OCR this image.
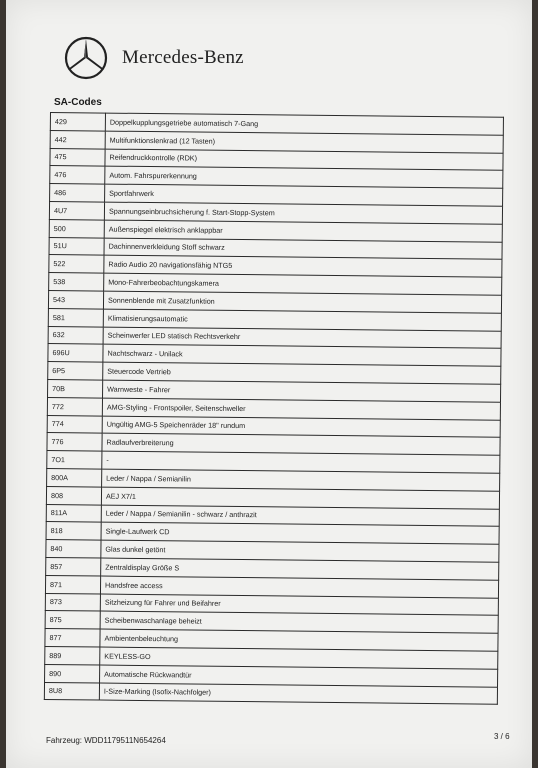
Mercedes-Benz
SA-Codes
429	Doppelkupplungsgetriebe automatisch 7-Gang
442	Multifunktionslenkrad (12 Tasten)
475	Reifendruckkontrolle (RDK)
476	Autom. Fahrspurerkennung
486	Sportfahrwerk
4U7	Spannungseinbruchsicherung f. Start-Stopp-System
500	Außenspiegel elektrisch anklappbar
51U	Dachinnenverkleidung Stoff schwarz
522	Radio Audio 20 navigationsfähig NTG5
538	Mono-Fahrerbeobachtungskamera
543	Sonnenblende mit Zusatzfunktion
581	Klimatisierungsautomatic
632	Scheinwerfer LED statisch Rechtsverkehr
696U	Nachtschwarz - Unilack
6P5	Steuercode Vertrieb
70B	Warnweste - Fahrer
772	AMG-Styling - Frontspoiler, Seitenschweller
774	Ungültig AMG-5 Speichenräder 18" rundum
776	Radlaufverbreiterung
7O1	-
800A	Leder / Nappa / Semianilin
808	AEJ X7/1
811A	Leder / Nappa / Semianilin - schwarz / anthrazit
818	Single-Laufwerk CD
840	Glas dunkel getönt
857	Zentraldisplay Größe S
871	Handsfree access
873	Sitzheizung für Fahrer und Beifahrer
875	Scheibenwaschanlage beheizt
877	Ambientenbeleuchtung
889	KEYLESS-GO
890	Automatische Rückwandtür
8U8	I-Size-Marking (Isofix-Nachfolger)
Fahrzeug: WDD1179511N654264	3 / 6
